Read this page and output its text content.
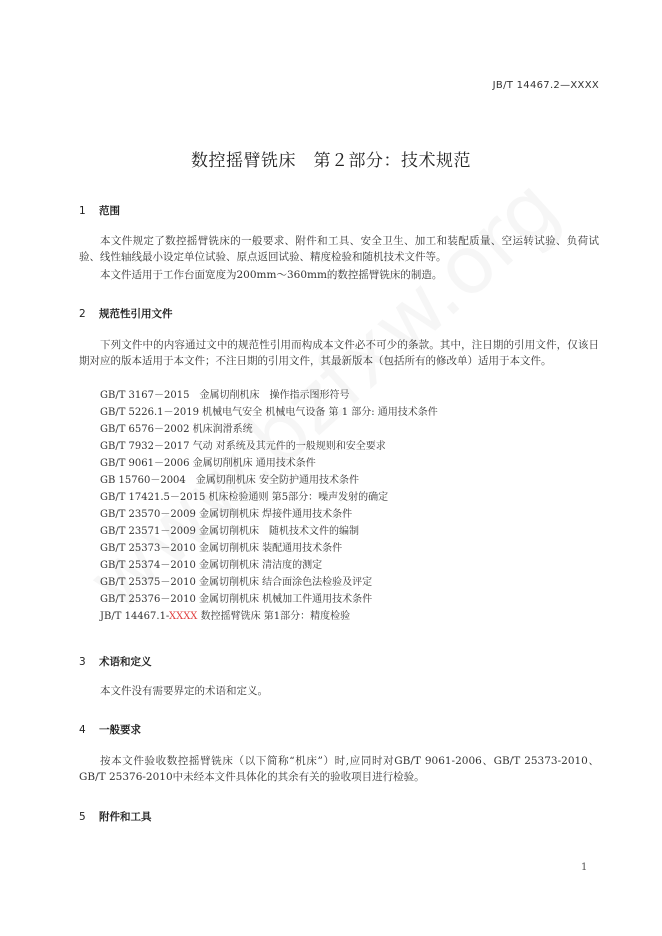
JB/T 14467.2—XXXX
数控摇臂铣床　第２部分：技术规范
1 范围
本文件规定了数控摇臂铣床的一般要求、附件和工具、安全卫生、加工和装配质量、空运转试验、负荷试验、线性轴线最小设定单位试验、原点返回试验、精度检验和随机技术文件等。
本文件适用于工作台面宽度为200mm～360mm的数控摇臂铣床的制造。
2 规范性引用文件
下列文件中的内容通过文中的规范性引用而构成本文件必不可少的条款。其中，注日期的引用文件，仅该日期对应的版本适用于本文件；不注日期的引用文件，其最新版本（包括所有的修改单）适用于本文件。
GB/T 3167－2015　金属切削机床　操作指示图形符号
GB/T 5226.1－2019 机械电气安全 机械电气设备 第 1 部分: 通用技术条件
GB/T 6576－2002 机床润滑系统
GB/T 7932－2017 气动 对系统及其元件的一般规则和安全要求
GB/T 9061－2006 金属切削机床 通用技术条件
GB 15760－2004　金属切削机床 安全防护通用技术条件
GB/T 17421.5－2015 机床检验通则 第5部分：噪声发射的确定
GB/T 23570－2009 金属切削机床 焊接件通用技术条件
GB/T 23571－2009 金属切削机床　随机技术文件的编制
GB/T 25373－2010 金属切削机床 装配通用技术条件
GB/T 25374－2010 金属切削机床 清洁度的测定
GB/T 25375－2010 金属切削机床 结合面涂色法检验及评定
GB/T 25376－2010 金属切削机床 机械加工件通用技术条件
JB/T 14467.1-XXXX 数控摇臂铣床 第1部分：精度检验
3 术语和定义
本文件没有需要界定的术语和定义。
4 一般要求
按本文件验收数控摇臂铣床（以下简称“机床”）时,应同时对GB/T 9061-2006、GB/T 25373-2010、GB/T 25376-2010中未经本文件具体化的其余有关的验收项目进行检验。
5 附件和工具
1
